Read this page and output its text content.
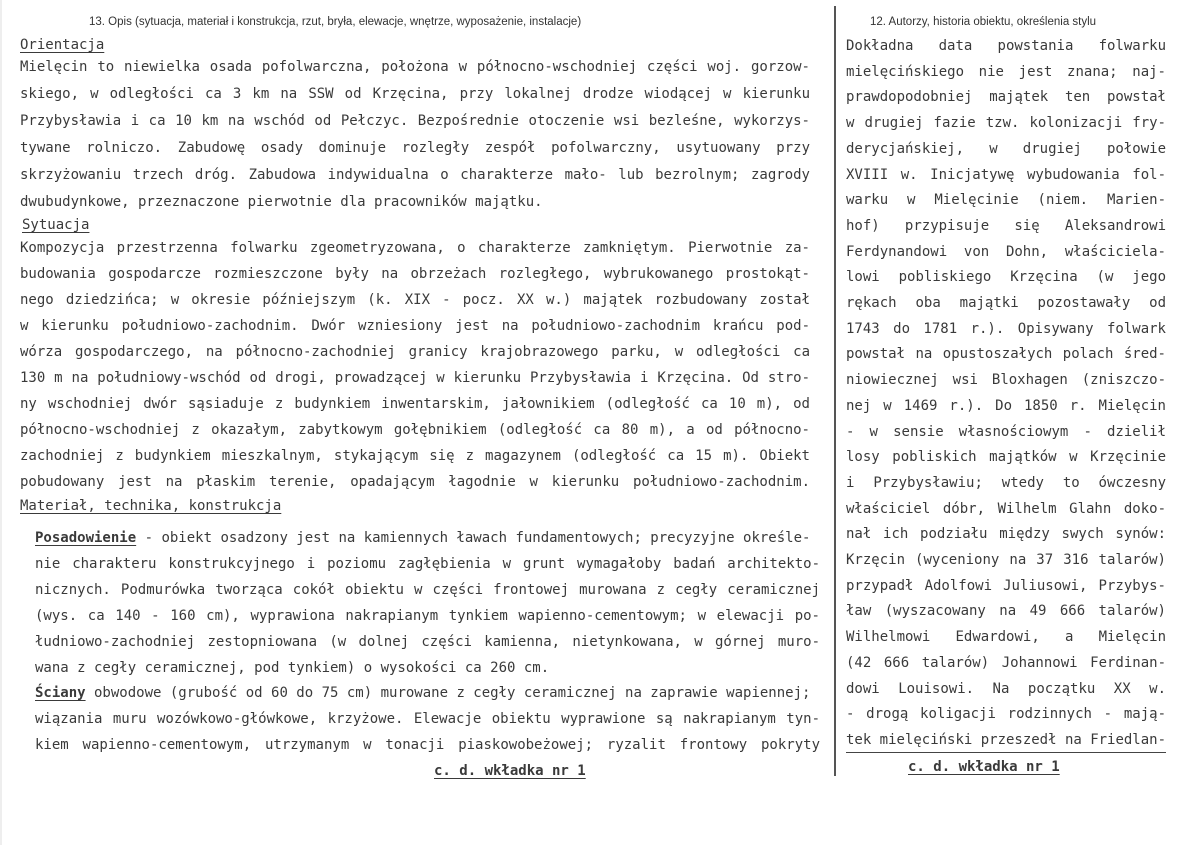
13. Opis (sytuacja, materiał i konstrukcja, rzut, bryła, elewacje, wnętrze, wyposażenie, instalacje)	12. Autorzy, historia obiektu, określenia stylu
Orientacja
Mielęcin to niewielka osada pofolwarczna, położona w północno-wschodniej części woj. gorzow-
skiego, w odległości ca 3 km na SSW od Krzęcina, przy lokalnej drodze wiodącej w kierunku
Przybysławia i ca 10 km na wschód od Pełczyc. Bezpośrednie otoczenie wsi bezleśne, wykorzys-
tywane rolniczo. Zabudowę osady dominuje rozległy zespół pofolwarczny, usytuowany przy
skrzyżowaniu trzech dróg. Zabudowa indywidualna o charakterze mało- lub bezrolnym; zagrody
dwubudynkowe, przeznaczone pierwotnie dla pracowników majątku.
Sytuacja
Kompozycja przestrzenna folwarku zgeometryzowana, o charakterze zamkniętym. Pierwotnie za-
budowania gospodarcze rozmieszczone były na obrzeżach rozległego, wybrukowanego prostokąt-
nego dziedzińca; w okresie późniejszym (k. XIX - pocz. XX w.) majątek rozbudowany został
w kierunku południowo-zachodnim. Dwór wzniesiony jest na południowo-zachodnim krańcu pod-
wórza gospodarczego, na północno-zachodniej granicy krajobrazowego parku, w odległości ca
130 m na południowy-wschód od drogi, prowadzącej w kierunku Przybysławia i Krzęcina. Od stro-
ny wschodniej dwór sąsiaduje z budynkiem inwentarskim, jałownikiem (odległość ca 10 m), od
północno-wschodniej z okazałym, zabytkowym gołębnikiem (odległość ca 80 m), a od północno-
zachodniej z budynkiem mieszkalnym, stykającym się z magazynem (odległość ca 15 m). Obiekt
pobudowany jest na płaskim terenie, opadającym łagodnie w kierunku południowo-zachodnim.
Materiał, technika, konstrukcja
Posadowienie - obiekt osadzony jest na kamiennych ławach fundamentowych; precyzyjne określe-
nie charakteru konstrukcyjnego i poziomu zagłębienia w grunt wymagałoby badań architekto-
nicznych. Podmurówka tworząca cokół obiektu w części frontowej murowana z cegły ceramicznej
(wys. ca 140 - 160 cm), wyprawiona nakrapianym tynkiem wapienno-cementowym; w elewacji po-
łudniowo-zachodniej zestopniowana (w dolnej części kamienna, nietynkowana, w górnej muro-
wana z cegły ceramicznej, pod tynkiem) o wysokości ca 260 cm.
Ściany obwodowe (grubość od 60 do 75 cm) murowane z cegły ceramicznej na zaprawie wapiennej;
wiązania muru wozówkowo-główkowe, krzyżowe. Elewacje obiektu wyprawione są nakrapianym tyn-
kiem wapienno-cementowym, utrzymanym w tonacji piaskowobeżowej; ryzalit frontowy pokryty
c. d. wkładka nr 1
Dokładna data powstania folwarku
mielęcińskiego nie jest znana; naj-
prawdopodobniej majątek ten powstał
w drugiej fazie tzw. kolonizacji fry-
derycjańskiej, w drugiej połowie
XVIII w. Inicjatywę wybudowania fol-
warku w Mielęcinie (niem. Marien-
hof) przypisuje się Aleksandrowi
Ferdynandowi von Dohn, właściciela-
lowi pobliskiego Krzęcina (w jego
rękach oba majątki pozostawały od
1743 do 1781 r.). Opisywany folwark
powstał na opustoszałych polach śred-
niowiecznej wsi Bloxhagen (zniszczo-
nej w 1469 r.). Do 1850 r. Mielęcin
- w sensie własnościowym - dzielił
losy pobliskich majątków w Krzęcinie
i Przybysławiu; wtedy to ówczesny
właściciel dóbr, Wilhelm Glahn doko-
nał ich podziału między swych synów:
Krzęcin (wyceniony na 37 316 talarów)
przypadł Adolfowi Juliusowi, Przybys-
ław (wyszacowany na 49 666 talarów)
Wilhelmowi Edwardowi, a Mielęcin
(42 666 talarów) Johannowi Ferdinan-
dowi Louisowi. Na początku XX w.
- drogą koligacji rodzinnych - mają-
tek mielęciński przeszedł na Friedlan-
c. d. wkładka nr 1
